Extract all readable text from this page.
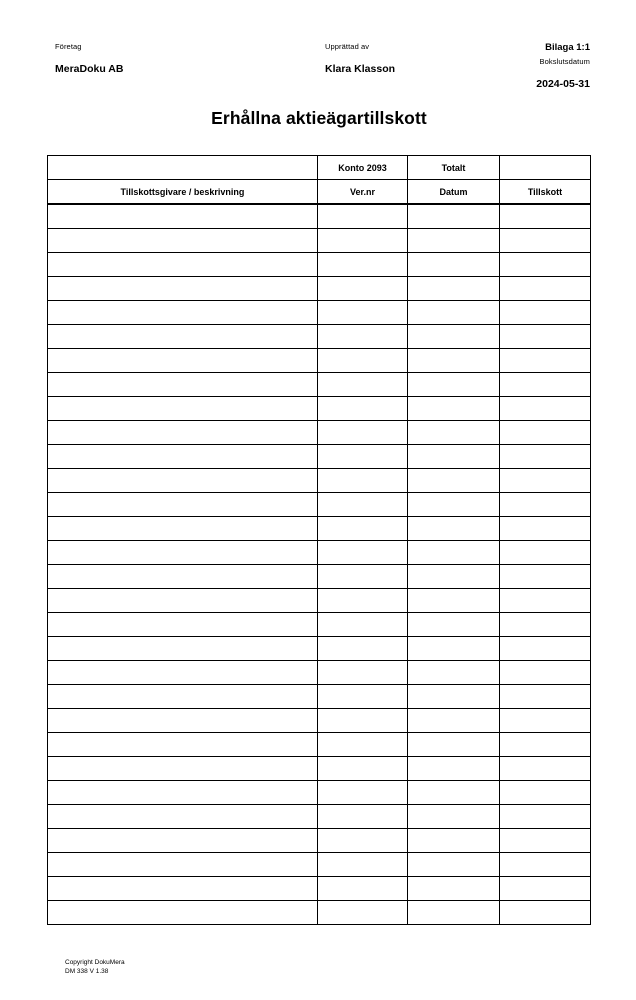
Företag
MeraDoku AB
Upprättad av
Klara Klasson
Bilaga 1:1
Bokslutsdatum
2024-05-31
Erhållna aktieägartillskott
	Konto 2093	Totalt	
Tillskottsgivare / beskrivning	Ver.nr	Datum	Tillskott

Copyright DokuMera
DM 338 V 1.38
